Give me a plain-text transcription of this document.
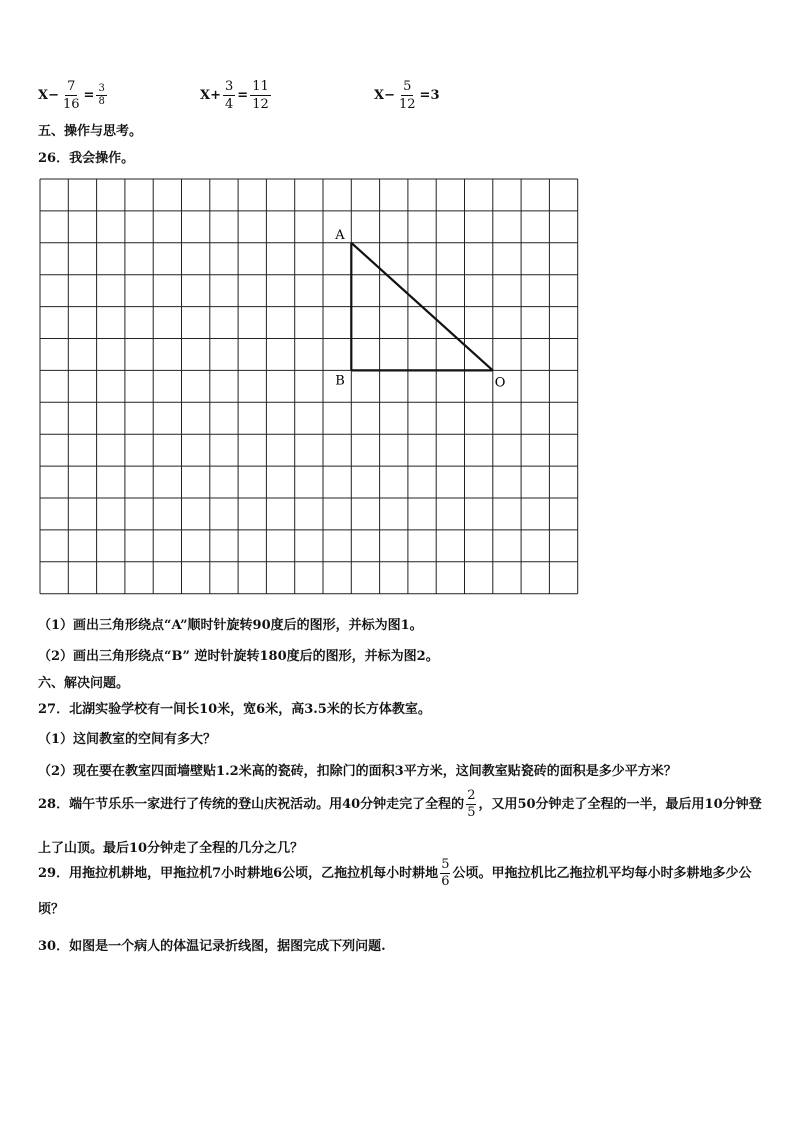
$X - \frac{7}{16} = \frac{3}{8}$	$X + \frac{3}{4} = \frac{11}{12}$	$X - \frac{5}{12} = 3$
五、操作与思考。
26．我会操作。
A
B	O
（1）画出三角形绕点“A”顺时针旋转90度后的图形，并标为图1。
（2）画出三角形绕点“B” 逆时针旋转180度后的图形，并标为图2。
六、解决问题。
27．北湖实验学校有一间长10米，宽6米，高3.5米的长方体教室。
（1）这间教室的空间有多大？
（2）现在要在教室四面墙壁贴1.2米高的瓷砖，扣除门的面积3平方米，这间教室贴瓷砖的面积是多少平方米？
28．端午节乐乐一家进行了传统的登山庆祝活动。用40分钟走完了全程的 $\frac{2}{5}$ ，又用50分钟走了全程的一半，最后用10分钟登上了山顶。最后10分钟走了全程的几分之几？
29．用拖拉机耕地，甲拖拉机7小时耕地6公顷，乙拖拉机每小时耕地 $\frac{5}{6}$ 公顷。甲拖拉机比乙拖拉机平均每小时多耕地多少公顷？
30．如图是一个病人的体温记录折线图，据图完成下列问题.
